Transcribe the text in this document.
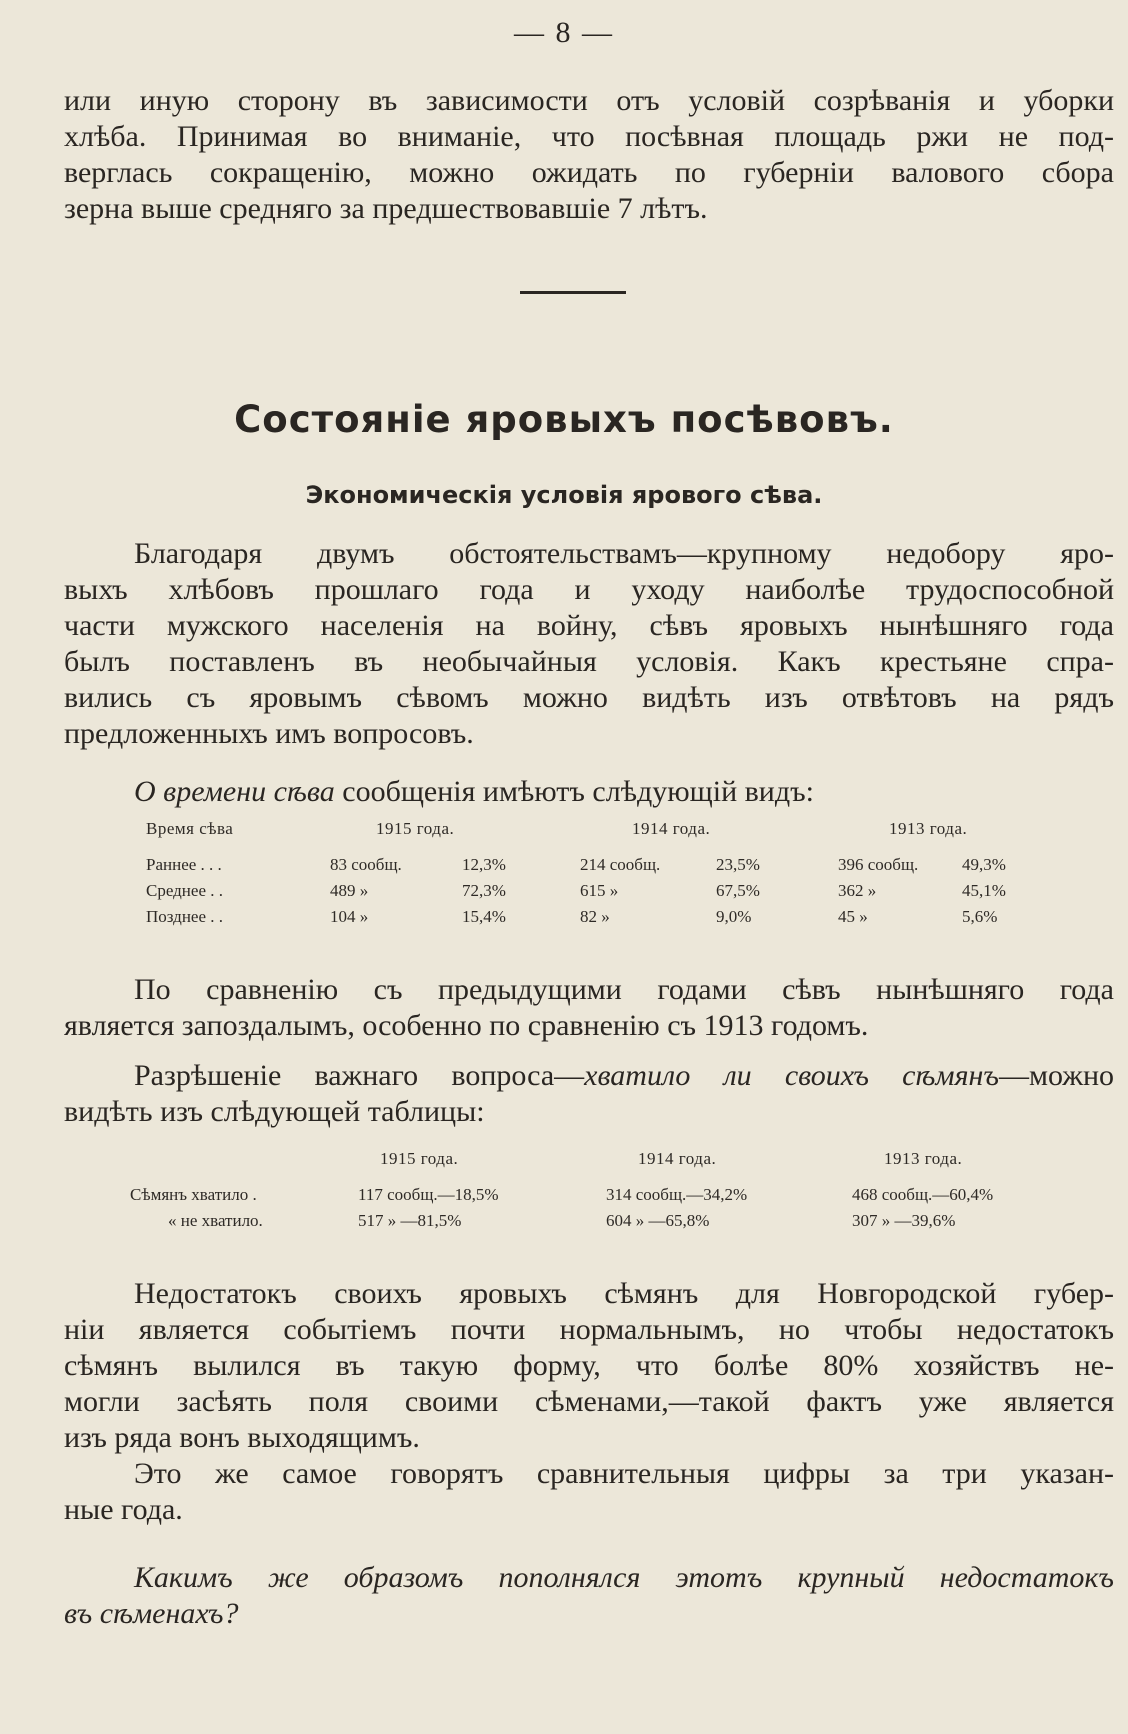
— 8 —
или иную сторону въ зависимости отъ условій созрѣванія и уборки
хлѣба. Принимая во вниманіе, что посѣвная площадь ржи не под-
верглась сокращенію, можно ожидать по губерніи валового сбора
зерна выше средняго за предшествовавшіе 7 лѣтъ.
Состояніе яровыхъ посѣвовъ.
Экономическія условія ярового сѣва.
Благодаря двумъ обстоятельствамъ—крупному недобору яро-
выхъ хлѣбовъ прошлаго года и уходу наиболѣе трудоспособной
части мужского населенія на войну, сѣвъ яровыхъ нынѣшняго года
былъ поставленъ въ необычайныя условія. Какъ крестьяне спра-
вились съ яровымъ сѣвомъ можно видѣть изъ отвѣтовъ на рядъ
предложенныхъ имъ вопросовъ.
О времени сѣва сообщенія имѣютъ слѣдующій видъ:
Время сѣва	1915 года.	1914 года.	1913 года.
Раннее . . .	83 сообщ.	12,3%	214 сообщ.	23,5%	396 сообщ.	49,3%
Среднее . .	489 »	72,3%	615 »	67,5%	362 »	45,1%
Позднее . .	104 »	15,4%	82 »	9,0%	45 »	5,6%
По сравненію съ предыдущими годами сѣвъ нынѣшняго года
является запоздалымъ, особенно по сравненію съ 1913 годомъ.
Разрѣшеніе важнаго вопроса—хватило ли своихъ сѣмянъ—можно
видѣть изъ слѣдующей таблицы:
1915 года.	1914 года.	1913 года.
Сѣмянъ хватило .	117 сообщ.—18,5%	314 сообщ.—34,2%	468 сообщ.—60,4%
« не хватило.	517 » —81,5%	604 » —65,8%	307 » —39,6%
Недостатокъ своихъ яровыхъ сѣмянъ для Новгородской губер-
ніи является событіемъ почти нормальнымъ, но чтобы недостатокъ
сѣмянъ вылился въ такую форму, что болѣе 80% хозяйствъ не-
могли засѣять поля своими сѣменами,—такой фактъ уже является
изъ ряда вонъ выходящимъ.
Это же самое говорятъ сравнительныя цифры за три указан-
ные года.
Какимъ же образомъ пополнялся этотъ крупный недостатокъ
въ сѣменахъ?
